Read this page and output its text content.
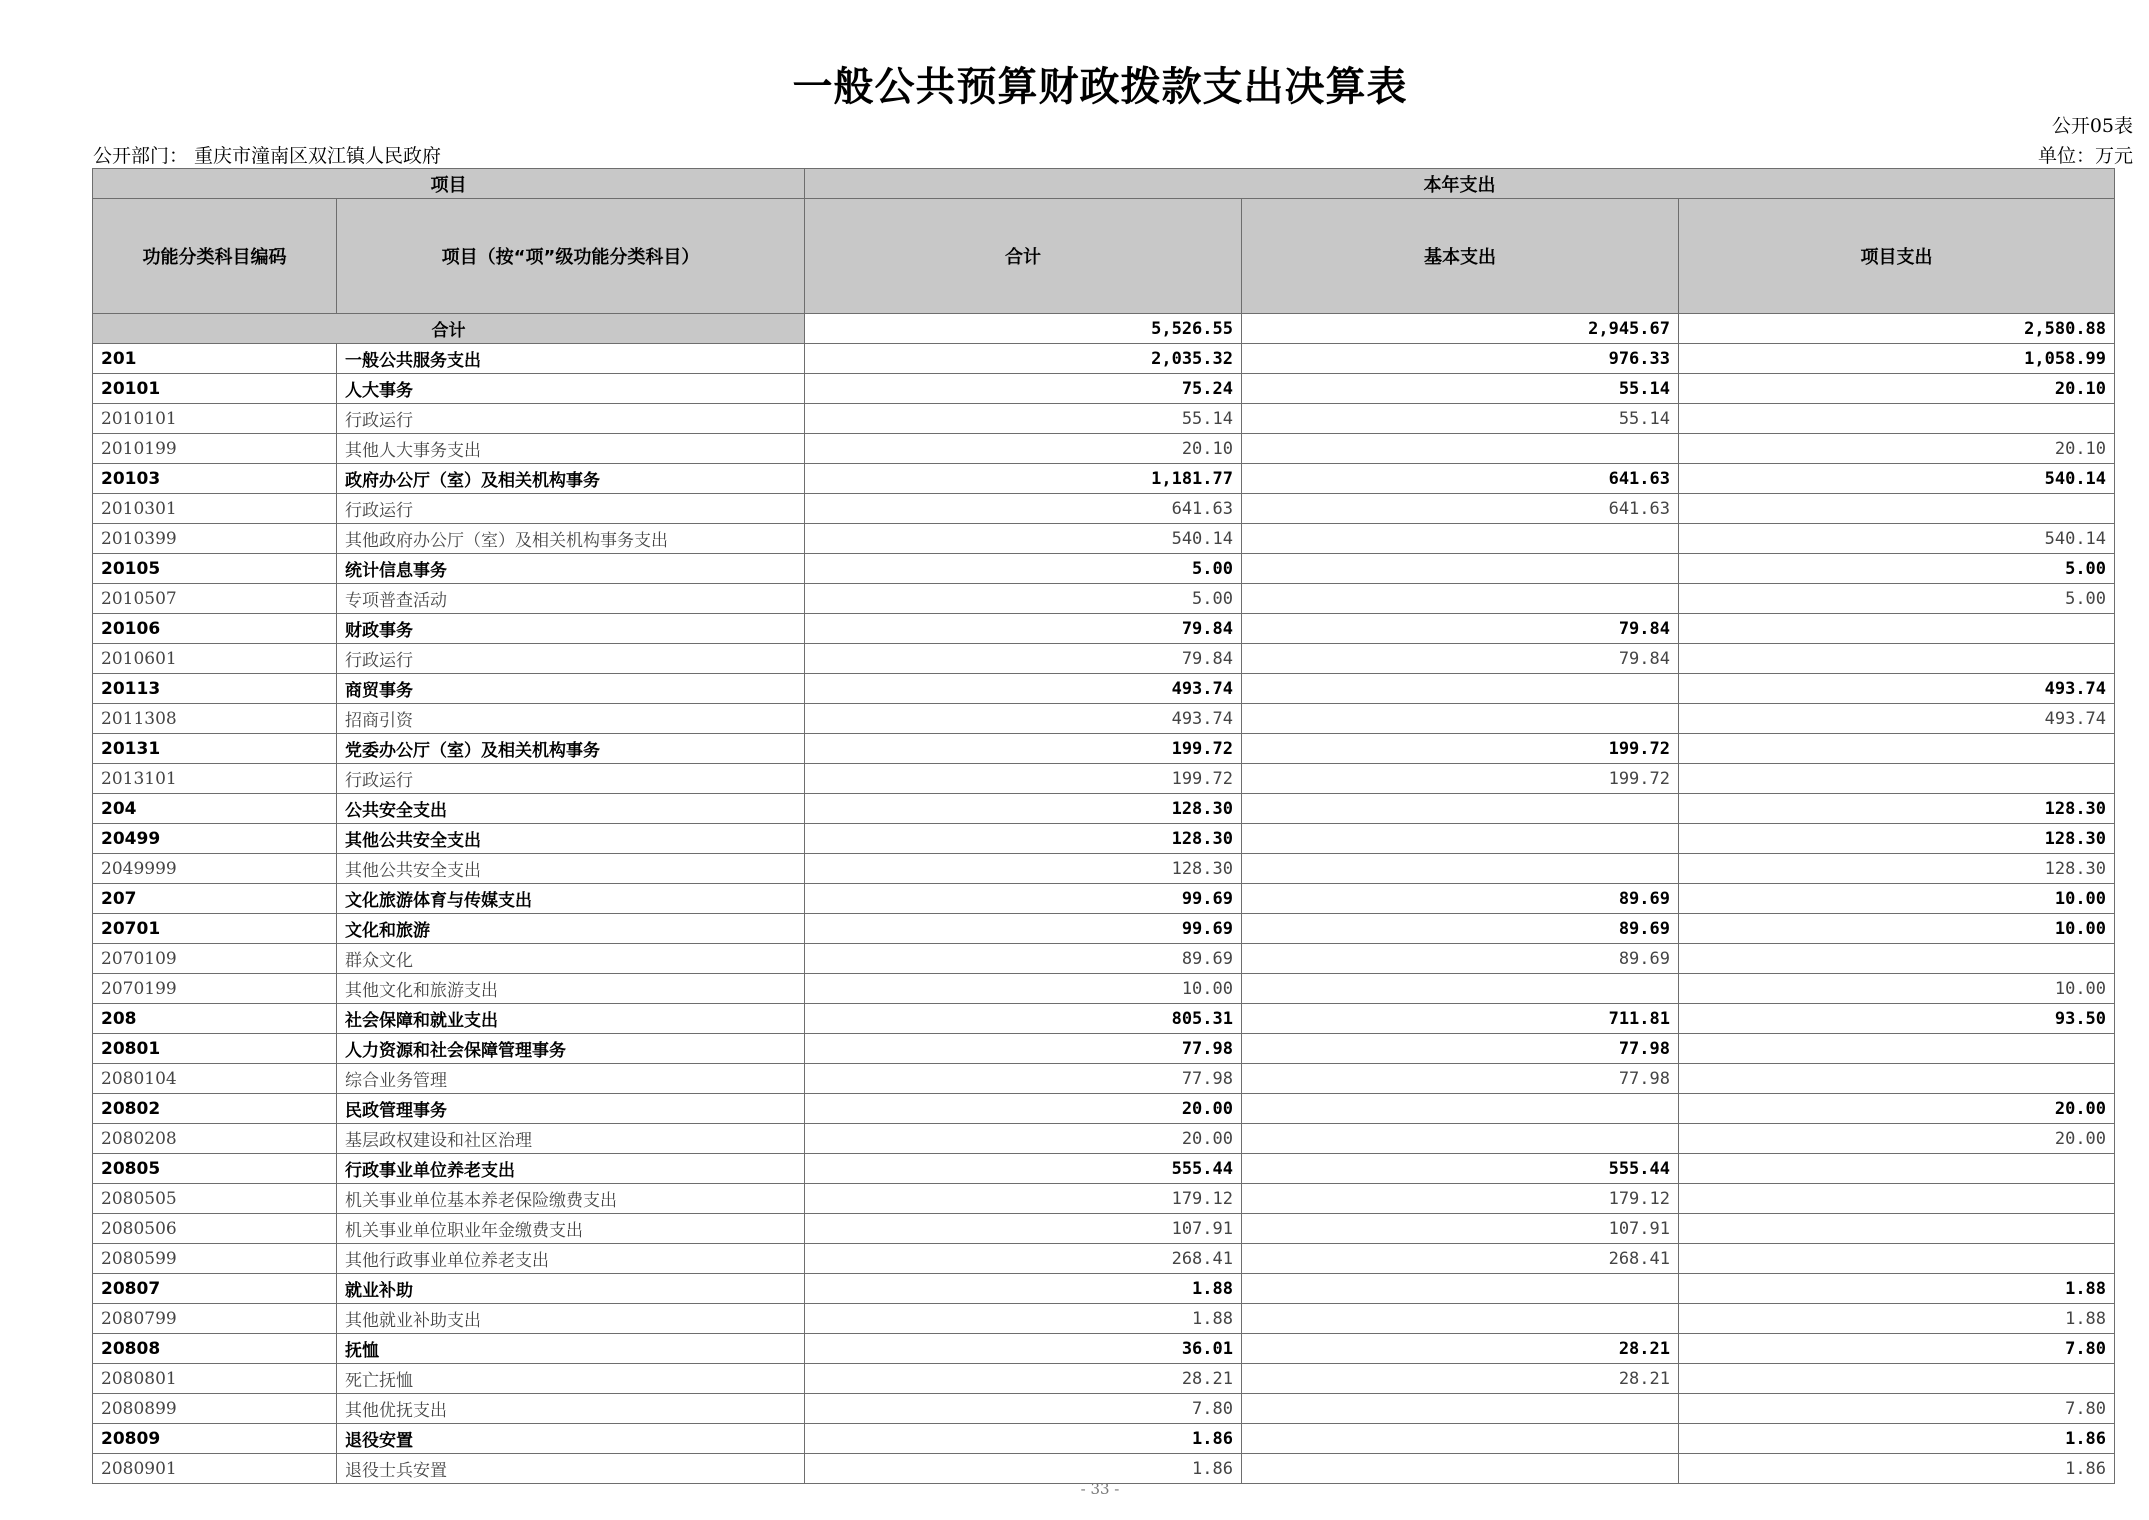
一般公共预算财政拨款支出决算表
公开05表
公开部门： 重庆市潼南区双江镇人民政府	单位：万元
项目		本年支出		
功能分类科目编码	项目（按“项”级功能分类科目）	合计	基本支出	项目支出
合计		5,526.55	2,945.67	2,580.88
201	一般公共服务支出	2,035.32	976.33	1,058.99
20101	人大事务	75.24	55.14	20.10
2010101	行政运行	55.14	55.14	
2010199	其他人大事务支出	20.10		20.10
20103	政府办公厅（室）及相关机构事务	1,181.77	641.63	540.14
2010301	行政运行	641.63	641.63	
2010399	其他政府办公厅（室）及相关机构事务支出	540.14		540.14
20105	统计信息事务	5.00		5.00
2010507	专项普查活动	5.00		5.00
20106	财政事务	79.84	79.84	
2010601	行政运行	79.84	79.84	
20113	商贸事务	493.74		493.74
2011308	招商引资	493.74		493.74
20131	党委办公厅（室）及相关机构事务	199.72	199.72	
2013101	行政运行	199.72	199.72	
204	公共安全支出	128.30		128.30
20499	其他公共安全支出	128.30		128.30
2049999	其他公共安全支出	128.30		128.30
207	文化旅游体育与传媒支出	99.69	89.69	10.00
20701	文化和旅游	99.69	89.69	10.00
2070109	群众文化	89.69	89.69	
2070199	其他文化和旅游支出	10.00		10.00
208	社会保障和就业支出	805.31	711.81	93.50
20801	人力资源和社会保障管理事务	77.98	77.98	
2080104	综合业务管理	77.98	77.98	
20802	民政管理事务	20.00		20.00
2080208	基层政权建设和社区治理	20.00		20.00
20805	行政事业单位养老支出	555.44	555.44	
2080505	机关事业单位基本养老保险缴费支出	179.12	179.12	
2080506	机关事业单位职业年金缴费支出	107.91	107.91	
2080599	其他行政事业单位养老支出	268.41	268.41	
20807	就业补助	1.88		1.88
2080799	其他就业补助支出	1.88		1.88
20808	抚恤	36.01	28.21	7.80
2080801	死亡抚恤	28.21	28.21	
2080899	其他优抚支出	7.80		7.80
20809	退役安置	1.86		1.86
2080901	退役士兵安置	1.86		1.86
- 33 -
